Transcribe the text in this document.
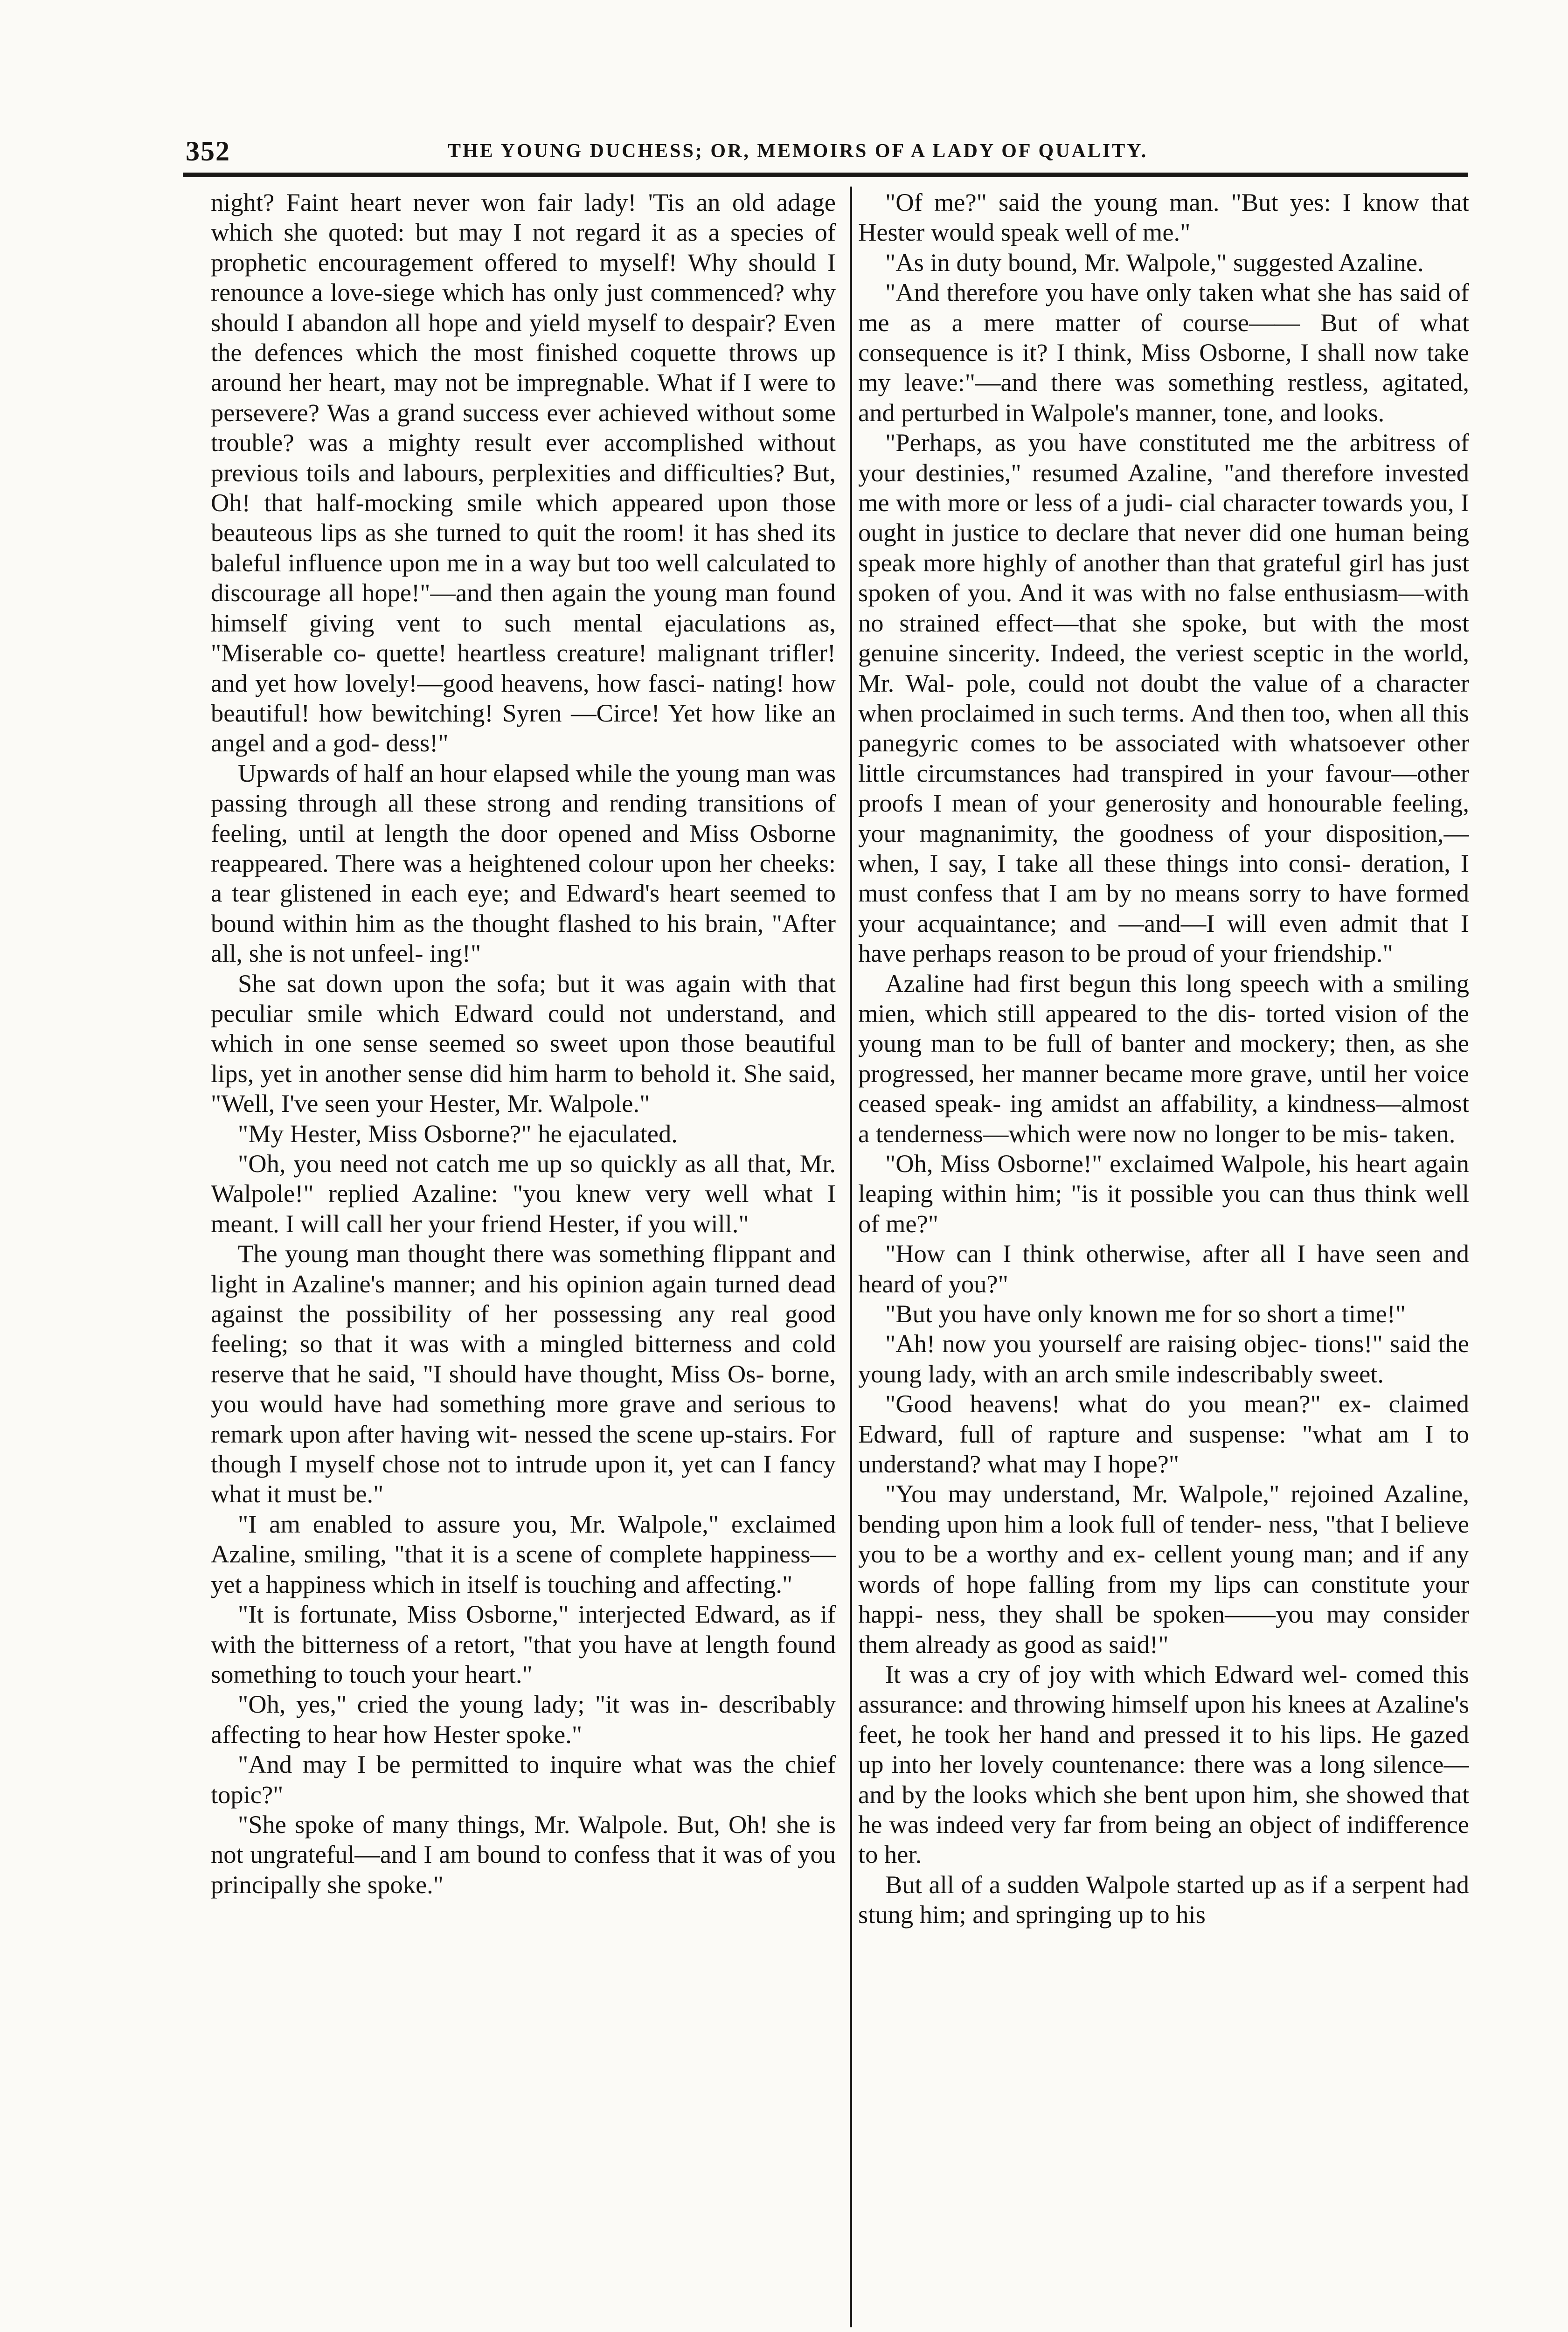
352	THE YOUNG DUCHESS; OR, MEMOIRS OF A LADY OF QUALITY.

night? Faint heart never won fair lady! 'Tis an old adage which she quoted: but may I not regard it as a species of prophetic encouragement offered to myself! Why should I renounce a love-siege which has only just commenced? why should I abandon all hope and yield myself to despair? Even the defences which the most finished coquette throws up around her heart, may not be impregnable. What if I were to persevere? Was a grand success ever achieved without some trouble? was a mighty result ever accomplished without previous toils and labours, perplexities and difficulties? But, Oh! that half-mocking smile which appeared upon those beauteous lips as she turned to quit the room! it has shed its baleful influence upon me in a way but too well calculated to discourage all hope!"—and then again the young man found himself giving vent to such mental ejaculations as, "Miserable co- quette! heartless creature! malignant trifler! and yet how lovely!—good heavens, how fasci- nating! how beautiful! how bewitching! Syren —Circe! Yet how like an angel and a god- dess!"

Upwards of half an hour elapsed while the young man was passing through all these strong and rending transitions of feeling, until at length the door opened and Miss Osborne reappeared. There was a heightened colour upon her cheeks: a tear glistened in each eye; and Edward's heart seemed to bound within him as the thought flashed to his brain, "After all, she is not unfeel- ing!"

She sat down upon the sofa; but it was again with that peculiar smile which Edward could not understand, and which in one sense seemed so sweet upon those beautiful lips, yet in another sense did him harm to behold it. She said, "Well, I've seen your Hester, Mr. Walpole."

"My Hester, Miss Osborne?" he ejaculated.

"Oh, you need not catch me up so quickly as all that, Mr. Walpole!" replied Azaline: "you knew very well what I meant. I will call her your friend Hester, if you will."

The young man thought there was something flippant and light in Azaline's manner; and his opinion again turned dead against the possibility of her possessing any real good feeling; so that it was with a mingled bitterness and cold reserve that he said, "I should have thought, Miss Os- borne, you would have had something more grave and serious to remark upon after having wit- nessed the scene up-stairs. For though I myself chose not to intrude upon it, yet can I fancy what it must be."

"I am enabled to assure you, Mr. Walpole," exclaimed Azaline, smiling, "that it is a scene of complete happiness—yet a happiness which in itself is touching and affecting."

"It is fortunate, Miss Osborne," interjected Edward, as if with the bitterness of a retort, "that you have at length found something to touch your heart."

"Oh, yes," cried the young lady; "it was in- describably affecting to hear how Hester spoke."

"And may I be permitted to inquire what was the chief topic?"

"She spoke of many things, Mr. Walpole. But, Oh! she is not ungrateful—and I am bound to confess that it was of you principally she spoke."

"Of me?" said the young man. "But yes: I know that Hester would speak well of me."

"As in duty bound, Mr. Walpole," suggested Azaline.

"And therefore you have only taken what she has said of me as a mere matter of course—— But of what consequence is it? I think, Miss Osborne, I shall now take my leave:"—and there was something restless, agitated, and perturbed in Walpole's manner, tone, and looks.

"Perhaps, as you have constituted me the arbitress of your destinies," resumed Azaline, "and therefore invested me with more or less of a judi- cial character towards you, I ought in justice to declare that never did one human being speak more highly of another than that grateful girl has just spoken of you. And it was with no false enthusiasm—with no strained effect—that she spoke, but with the most genuine sincerity. Indeed, the veriest sceptic in the world, Mr. Wal- pole, could not doubt the value of a character when proclaimed in such terms. And then too, when all this panegyric comes to be associated with whatsoever other little circumstances had transpired in your favour—other proofs I mean of your generosity and honourable feeling, your magnanimity, the goodness of your disposition,— when, I say, I take all these things into consi- deration, I must confess that I am by no means sorry to have formed your acquaintance; and —and—I will even admit that I have perhaps reason to be proud of your friendship."

Azaline had first begun this long speech with a smiling mien, which still appeared to the dis- torted vision of the young man to be full of banter and mockery; then, as she progressed, her manner became more grave, until her voice ceased speak- ing amidst an affability, a kindness—almost a tenderness—which were now no longer to be mis- taken.

"Oh, Miss Osborne!" exclaimed Walpole, his heart again leaping within him; "is it possible you can thus think well of me?"

"How can I think otherwise, after all I have seen and heard of you?"

"But you have only known me for so short a time!"

"Ah! now you yourself are raising objec- tions!" said the young lady, with an arch smile indescribably sweet.

"Good heavens! what do you mean?" ex- claimed Edward, full of rapture and suspense: "what am I to understand? what may I hope?"

"You may understand, Mr. Walpole," rejoined Azaline, bending upon him a look full of tender- ness, "that I believe you to be a worthy and ex- cellent young man; and if any words of hope falling from my lips can constitute your happi- ness, they shall be spoken——you may consider them already as good as said!"

It was a cry of joy with which Edward wel- comed this assurance: and throwing himself upon his knees at Azaline's feet, he took her hand and pressed it to his lips. He gazed up into her lovely countenance: there was a long silence— and by the looks which she bent upon him, she showed that he was indeed very far from being an object of indifference to her.

But all of a sudden Walpole started up as if a serpent had stung him; and springing up to his
